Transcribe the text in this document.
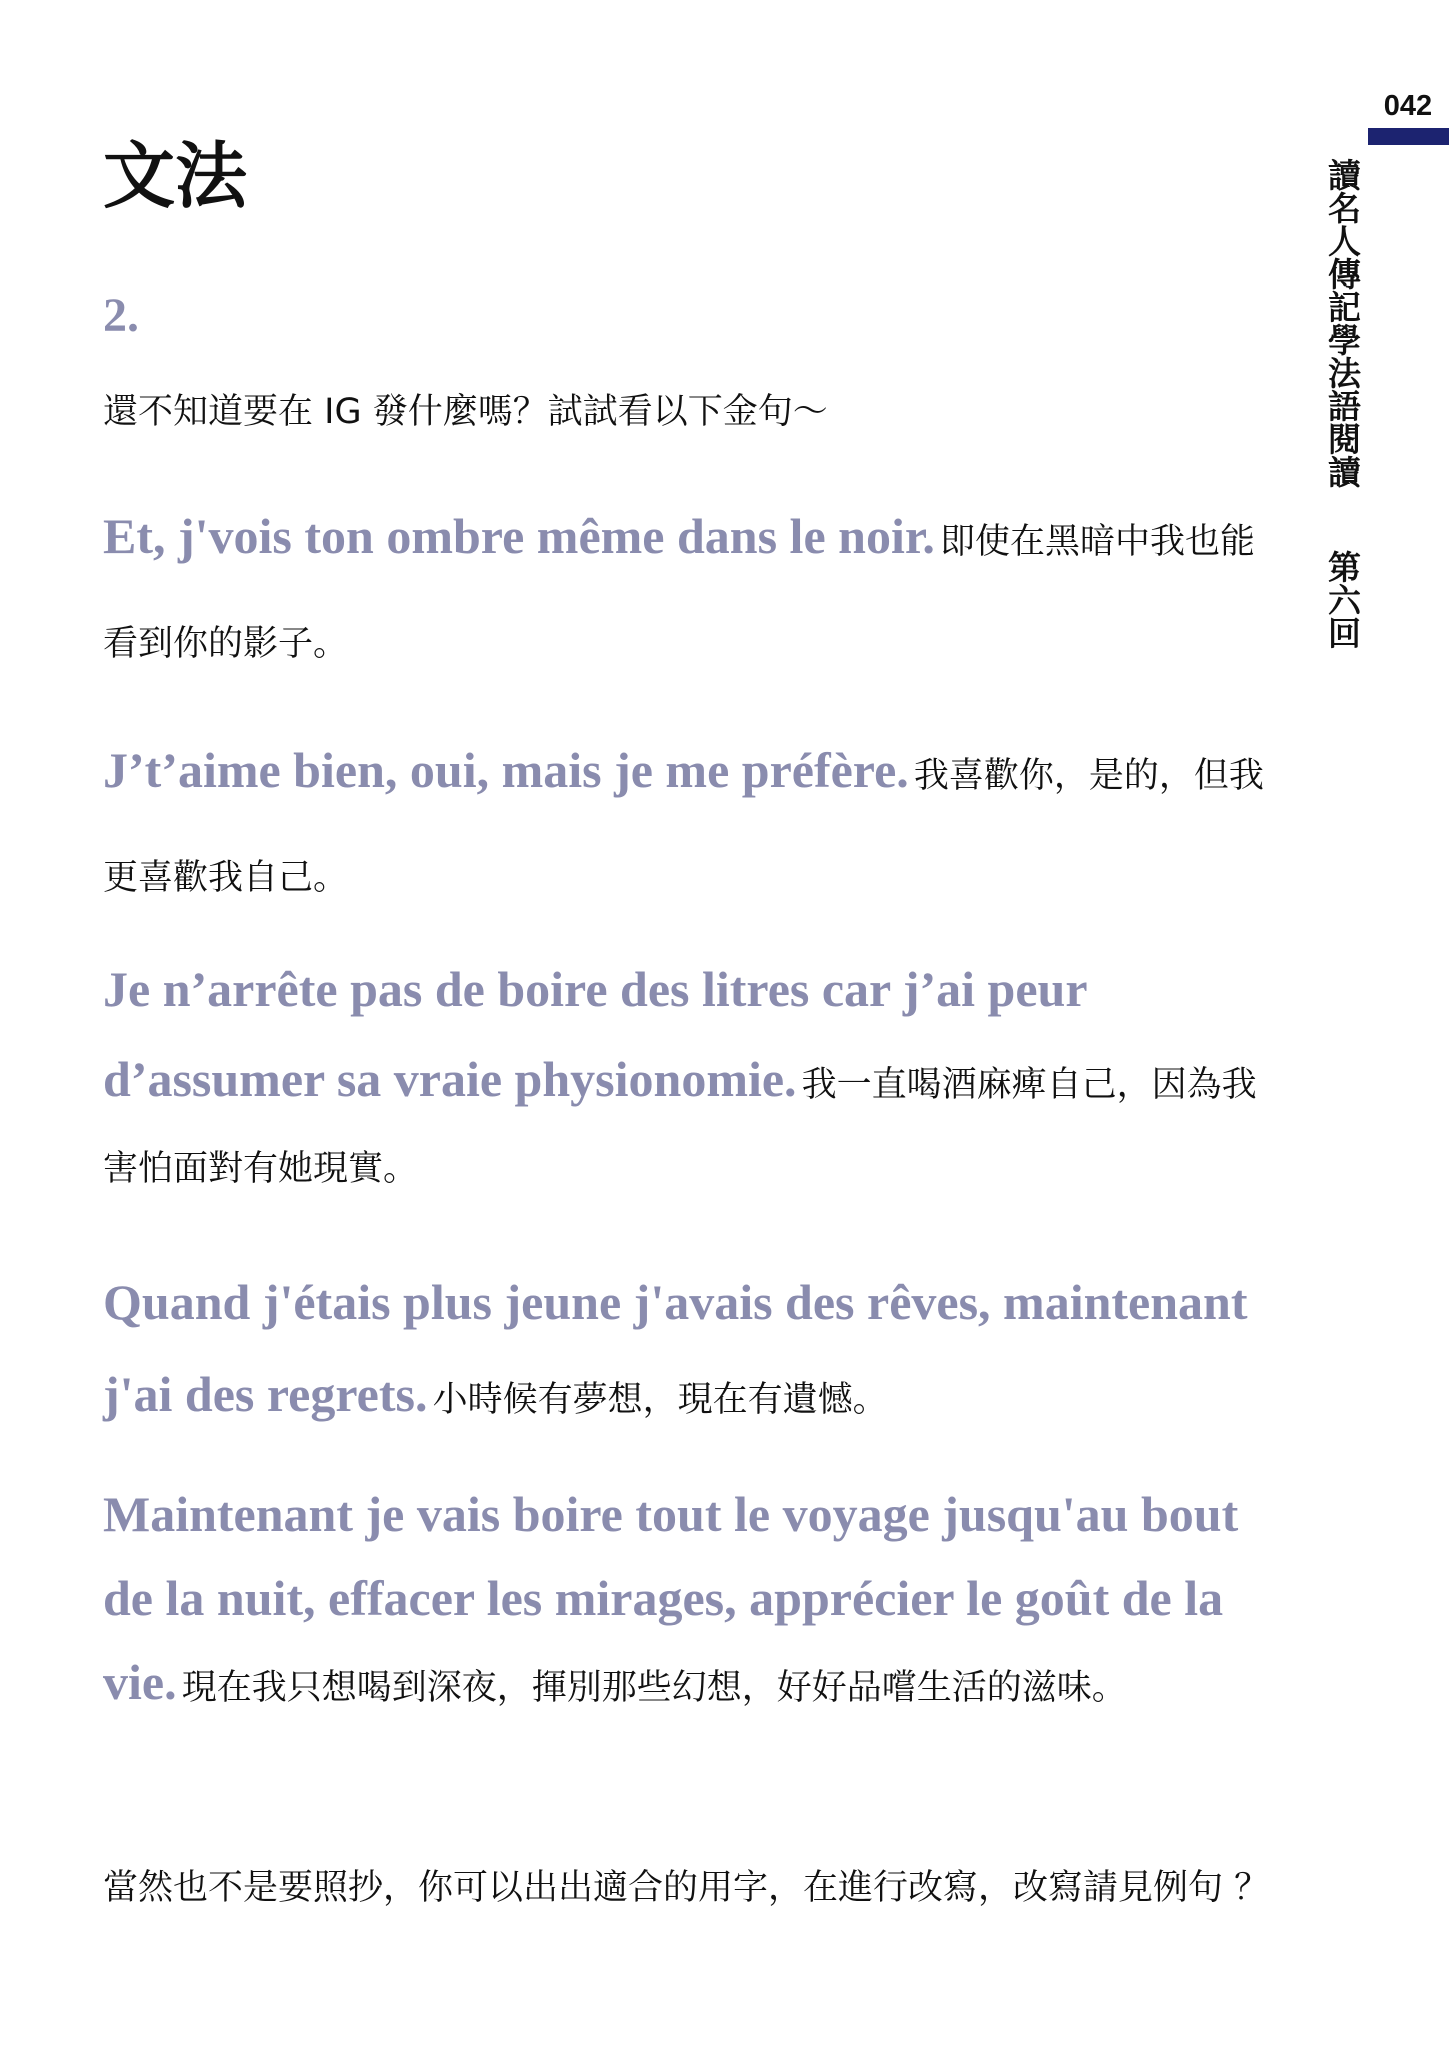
042
讀名人傳記學法語閱讀第六回
文法
2.
還不知道要在 IG 發什麼嗎？試試看以下金句～

Et, j'vois ton ombre même dans le noir. 即使在黑暗中我也能看到你的影子。

J’t’aime bien, oui, mais je me préfère. 我喜歡你，是的，但我更喜歡我自己。

Je n’arrête pas de boire des litres car j’ai peur d’assumer sa vraie physionomie. 我一直喝酒麻痺自己，因為我害怕面對有她現實。

Quand j'étais plus jeune j'avais des rêves, maintenant j'ai des regrets. 小時候有夢想，現在有遺憾。

Maintenant je vais boire tout le voyage jusqu'au bout de la nuit, effacer les mirages, apprécier le goût de la vie. 現在我只想喝到深夜，揮別那些幻想，好好品嚐生活的滋味。

當然也不是要照抄，你可以出出適合的用字，在進行改寫，改寫請見例句 ？
